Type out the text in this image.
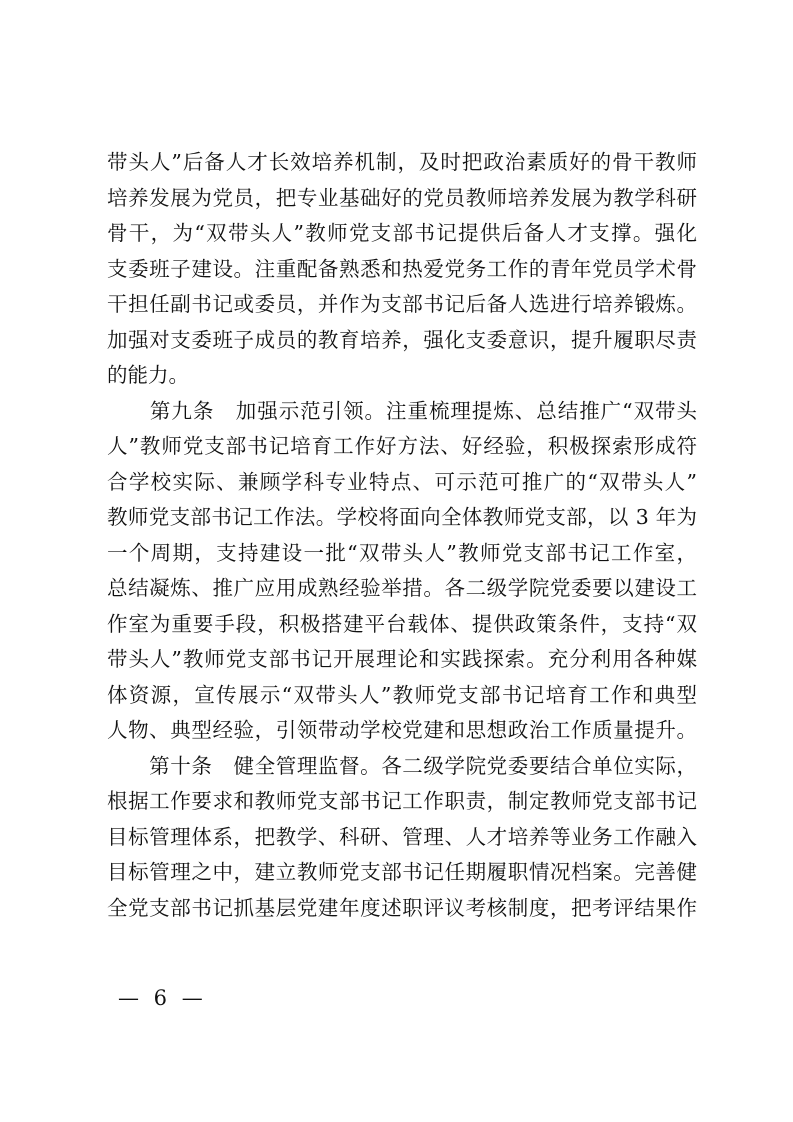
带头人”后备人才长效培养机制，及时把政治素质好的骨干教师
培养发展为党员，把专业基础好的党员教师培养发展为教学科研
骨干，为“双带头人”教师党支部书记提供后备人才支撑。强化
支委班子建设。注重配备熟悉和热爱党务工作的青年党员学术骨
干担任副书记或委员，并作为支部书记后备人选进行培养锻炼。
加强对支委班子成员的教育培养，强化支委意识，提升履职尽责
的能力。
　　第九条　加强示范引领。注重梳理提炼、总结推广“双带头
人”教师党支部书记培育工作好方法、好经验，积极探索形成符
合学校实际、兼顾学科专业特点、可示范可推广的“双带头人”
教师党支部书记工作法。学校将面向全体教师党支部，以 3 年为
一个周期，支持建设一批“双带头人”教师党支部书记工作室，
总结凝炼、推广应用成熟经验举措。各二级学院党委要以建设工
作室为重要手段，积极搭建平台载体、提供政策条件，支持“双
带头人”教师党支部书记开展理论和实践探索。充分利用各种媒
体资源，宣传展示“双带头人”教师党支部书记培育工作和典型
人物、典型经验，引领带动学校党建和思想政治工作质量提升。
　　第十条　健全管理监督。各二级学院党委要结合单位实际，
根据工作要求和教师党支部书记工作职责，制定教师党支部书记
目标管理体系，把教学、科研、管理、人才培养等业务工作融入
目标管理之中，建立教师党支部书记任期履职情况档案。完善健
全党支部书记抓基层党建年度述职评议考核制度，把考评结果作
— 6 —
